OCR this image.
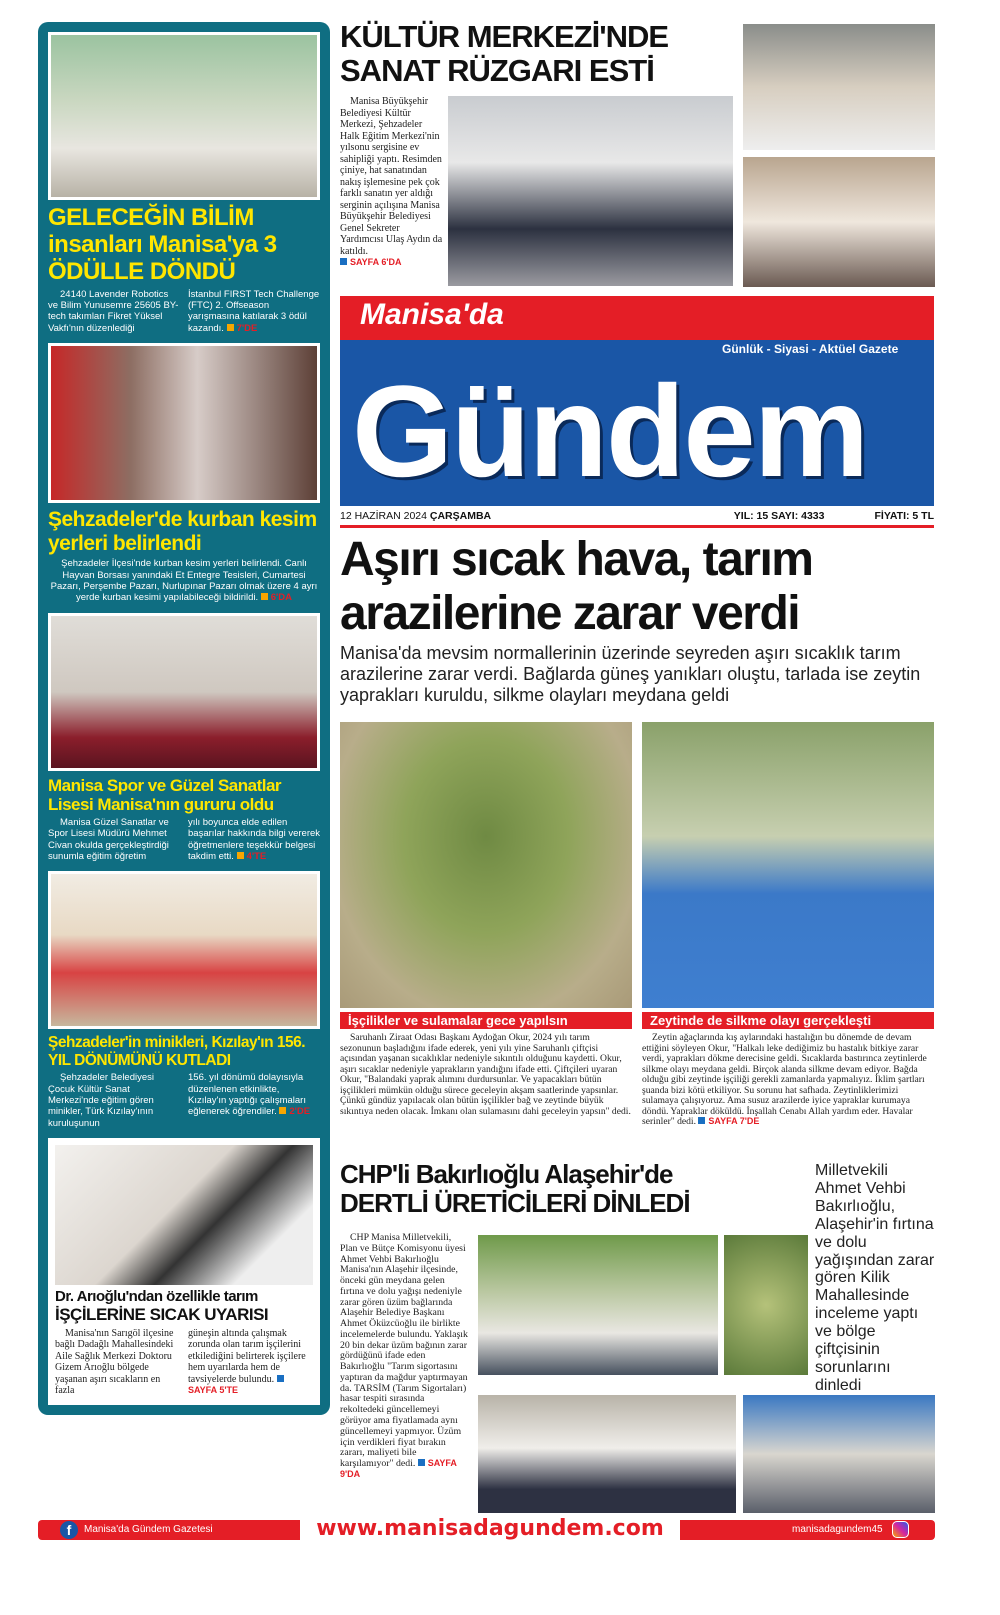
GELECEĞİN BİLİM insanları Manisa'ya 3 ÖDÜLLE DÖNDÜ
24140 Lavender Robotics ve Bilim Yunusemre 25605 BY-tech takımları Fikret Yüksel Vakfı'nın düzenlediği
İstanbul FIRST Tech Challenge (FTC) 2. Offseason yarışmasına katılarak 3 ödül kazandı. 7'DE
Şehzadeler'de kurban kesim yerleri belirlendi
Şehzadeler İlçesi'nde kurban kesim yerleri belirlendi. Canlı Hayvan Borsası yanındaki Et Entegre Tesisleri, Cumartesi Pazarı, Perşembe Pazarı, Nurlupınar Pazarı olmak üzere 4 ayrı yerde kurban kesimi yapılabileceği bildirildi. 6'DA
Manisa Spor ve Güzel Sanatlar Lisesi Manisa'nın gururu oldu
Manisa Güzel Sanatlar ve Spor Lisesi Müdürü Mehmet Civan okulda gerçekleştirdiği sunumla eğitim öğretim
yılı boyunca elde edilen başarılar hakkında bilgi vererek öğretmenlere teşekkür belgesi takdim etti. 4'TE
Şehzadeler'in minikleri, Kızılay'ın 156. YIL DÖNÜMÜNÜ KUTLADI
Şehzadeler Belediyesi Çocuk Kültür Sanat Merkezi'nde eğitim gören minikler, Türk Kızılay'ının kuruluşunun
156. yıl dönümü dolayısıyla düzenlenen etkinlikte, Kızılay'ın yaptığı çalışmaları eğlenerek öğrendiler. 2'DE
Dr. Arıoğlu'ndan özellikle tarım
İŞÇİLERİNE SICAK UYARISI
Manisa'nın Sarıgöl ilçesine bağlı Dadağlı Mahallesindeki Aile Sağlık Merkezi Doktoru Gizem Arıoğlu bölgede yaşanan aşırı sıcakların en fazla
güneşin altında çalışmak zorunda olan tarım işçilerini etkilediğini belirterek işçilere hem uyarılarda hem de tavsiyelerde bulundu. SAYFA 5'TE
KÜLTÜR MERKEZİ'NDE
SANAT RÜZGARI ESTİ
Manisa Büyükşehir Belediyesi Kültür Merkezi, Şehzadeler Halk Eğitim Merkezi'nin yılsonu sergisine ev sahipliği yaptı. Resimden çiniye, hat sanatından nakış işlemesine pek çok farklı sanatın yer aldığı serginin açılışına Manisa Büyükşehir Belediyesi Genel Sekreter Yardımcısı Ulaş Aydın da katıldı.
SAYFA 6'DA
Manisa'da
Gündem
Günlük - Siyasi - Aktüel Gazete
12 HAZİRAN 2024
ÇARŞAMBA	YIL: 15
SAYI: 4333	FİYATI: 5 TL
Aşırı sıcak hava, tarım arazilerine zarar verdi
Manisa'da mevsim normallerinin üzerinde seyreden aşırı sıcaklık tarım arazilerine zarar verdi. Bağlarda güneş yanıkları oluştu, tarlada ise zeytin yaprakları kuruldu, silkme olayları meydana geldi
İşçilikler ve sulamalar gece yapılsın	Zeytinde de silkme olayı gerçekleşti
Saruhanlı Ziraat Odası Başkanı Aydoğan Okur, 2024 yılı tarım sezonunun başladığını ifade ederek, yeni yılı yine Saruhanlı çiftçisi açısından yaşanan sıcaklıklar nedeniyle sıkıntılı olduğunu kaydetti. Okur, aşırı sıcaklar nedeniyle yaprakların yandığını ifade etti. Çiftçileri uyaran Okur, "Balandaki yaprak alımını durdursunlar. Ve yapacakları bütün işçilikleri mümkün olduğu sürece geceleyin akşam saatlerinde yapsınlar. Çünkü gündüz yapılacak olan bütün işçilikler bağ ve zeytinde büyük sıkıntıya neden olacak. İmkanı olan sulamasını dahi geceleyin yapsın" dedi.
Zeytin ağaçlarında kış aylarındaki hastalığın bu dönemde de devam ettiğini söyleyen Okur, "Halkalı leke dediğimiz bu hastalık bitkiye zarar verdi, yaprakları dökme derecisine geldi. Sıcaklarda bastırınca zeytinlerde silkme olayı meydana geldi. Birçok alanda silkme devam ediyor. Bağda olduğu gibi zeytinde işçiliği gerekli zamanlarda yapmalıyız. İklim şartları şuanda bizi kötü etkiliyor. Su sorunu hat safhada. Zeytinliklerimizi sulamaya çalışıyoruz. Ama susuz arazilerde iyice yapraklar kurumaya döndü. Yapraklar döküldü. İnşallah Cenabı Allah yardım eder. Havalar serinler" dedi. SAYFA 7'DE
CHP'li Bakırlıoğlu Alaşehir'de
DERTLİ ÜRETİCİLERİ DİNLEDİ
Milletvekili Ahmet Vehbi Bakırlıoğlu, Alaşehir'in fırtına ve dolu yağışından zarar gören Kilik Mahallesinde inceleme yaptı ve bölge çiftçisinin sorunlarını dinledi
CHP Manisa Milletvekili, Plan ve Bütçe Komisyonu üyesi Ahmet Vehbi Bakırlıoğlu Manisa'nın Alaşehir ilçesinde, önceki gün meydana gelen fırtına ve dolu yağışı nedeniyle zarar gören üzüm bağlarında Alaşehir Belediye Başkanı Ahmet Öküzcüoğlu ile birlikte incelemelerde bulundu. Yaklaşık 20 bin dekar üzüm bağının zarar gördüğünü ifade eden Bakırlıoğlu "Tarım sigortasını yaptıran da mağdur yaptırmayan da. TARSİM (Tarım Sigortaları) hasar tespiti sırasında rekoltedeki güncellemeyi görüyor ama fiyatlamada aynı güncellemeyi yapmıyor. Üzüm için verdikleri fiyat bırakın zararı, maliyeti bile karşılamıyor" dedi. SAYFA 9'DA
f	Manisa'da Gündem Gazetesi	www.manisadagundem.com	manisadagundem45
